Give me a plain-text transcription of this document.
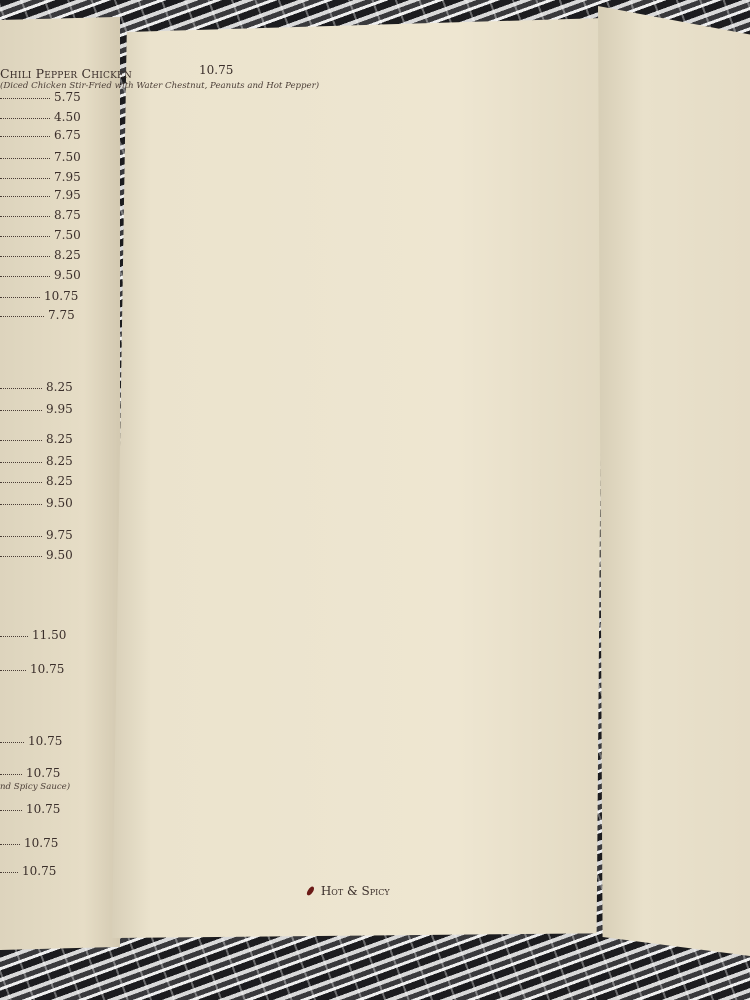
5.75
4.50
6.75
7.50
7.95
7.95
8.75
7.50
8.25
9.50
10.75
7.75
8.25
9.95
8.25
8.25
8.25
9.50
9.75
9.50
11.50
10.75
10.75
10.75
10.75
10.75
10.75
nd Spicy Sauce)
Chili Pepper Chicken	10.75
(Diced Chicken Stir-Fried with Water Chestnut, Peanuts and Hot Pepper)
Hot & Spicy
